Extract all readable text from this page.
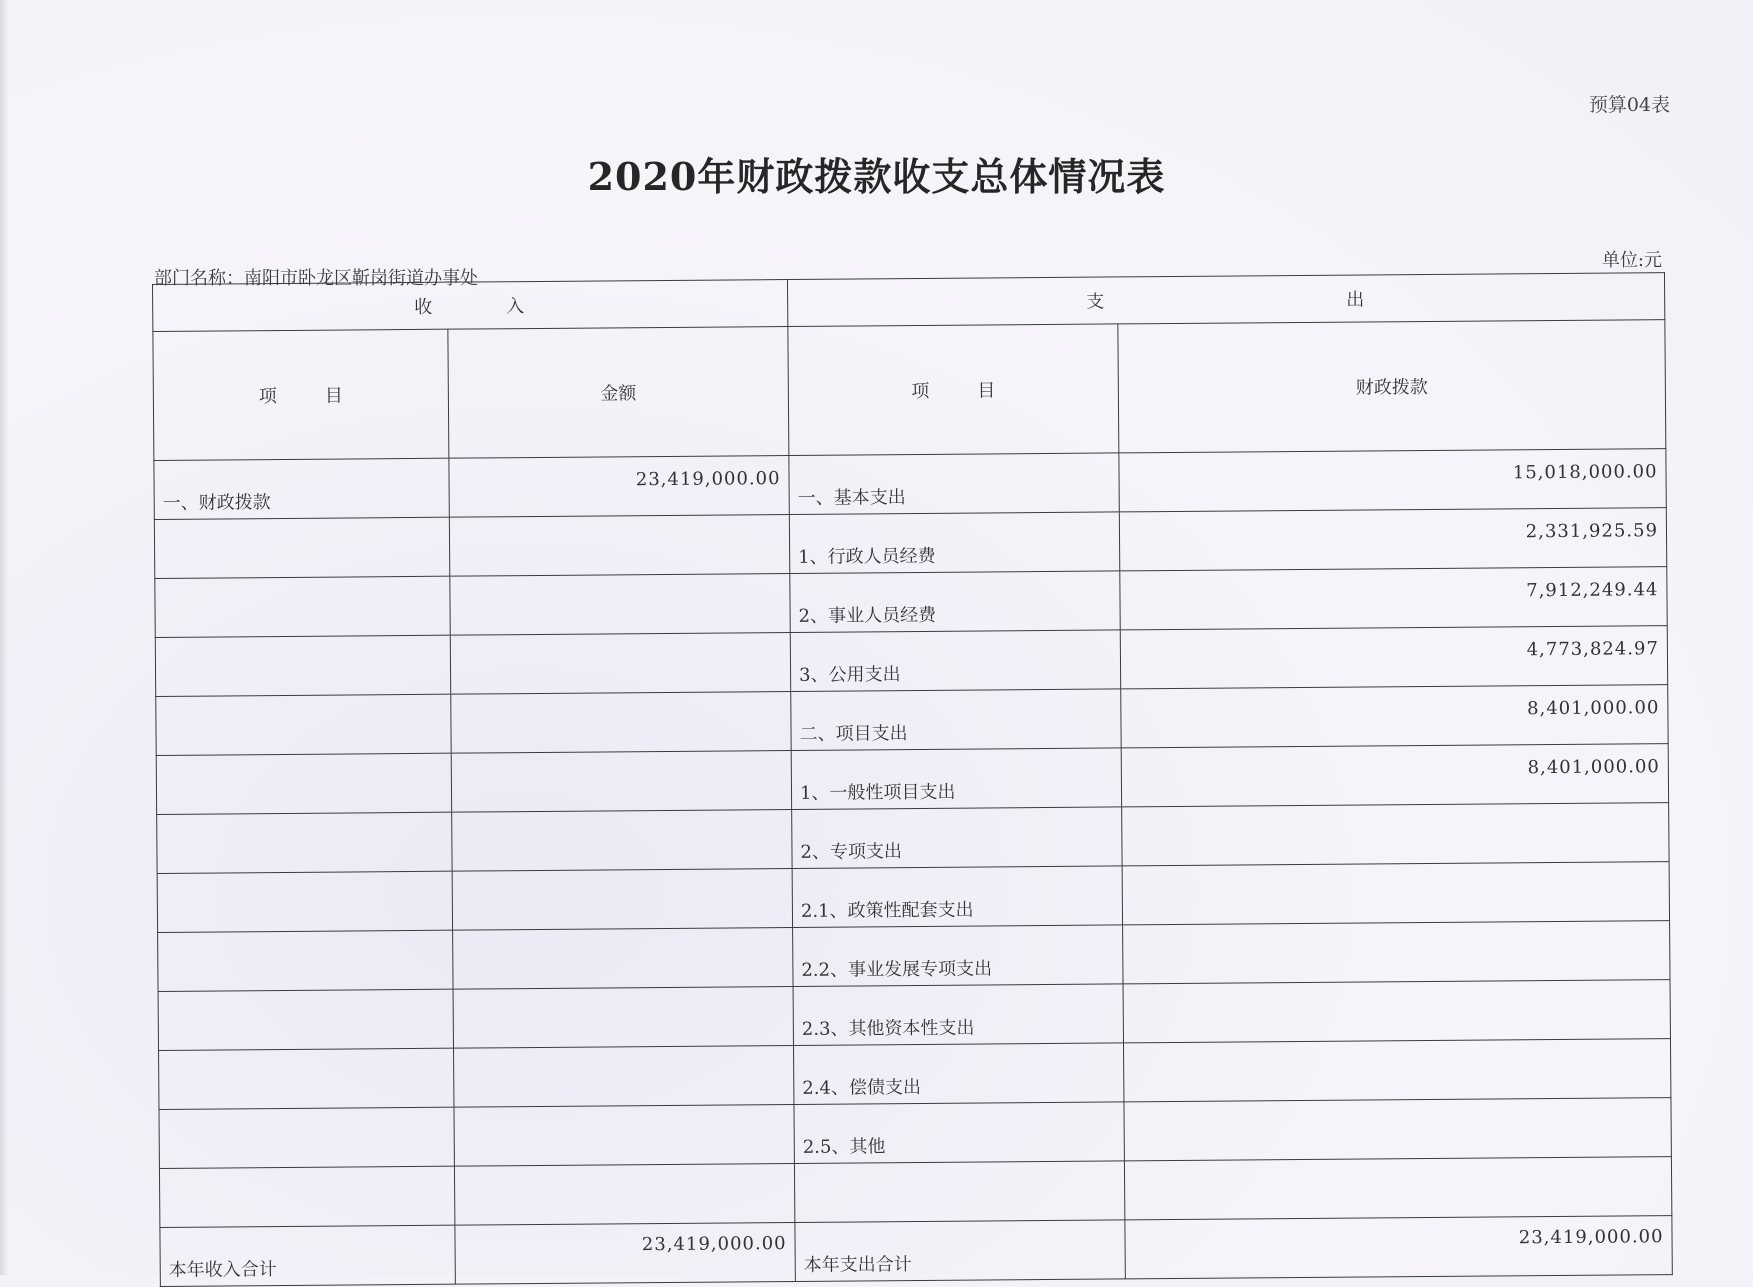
预算04表
2020年财政拨款收支总体情况表
部门名称：南阳市卧龙区靳岗街道办事处
单位:元
收 入		支 出	
项 目	金额	项 目	财政拨款
一、财政拨款	23,419,000.00	一、基本支出	15,018,000.00
		1、行政人员经费	2,331,925.59
		2、事业人员经费	7,912,249.44
		3、公用支出	4,773,824.97
		二、项目支出	8,401,000.00
		1、一般性项目支出	8,401,000.00
		2、专项支出	
		2.1、政策性配套支出	
		2.2、事业发展专项支出	
		2.3、其他资本性支出	
		2.4、偿债支出	
		2.5、其他	

本年收入合计	23,419,000.00	本年支出合计	23,419,000.00
